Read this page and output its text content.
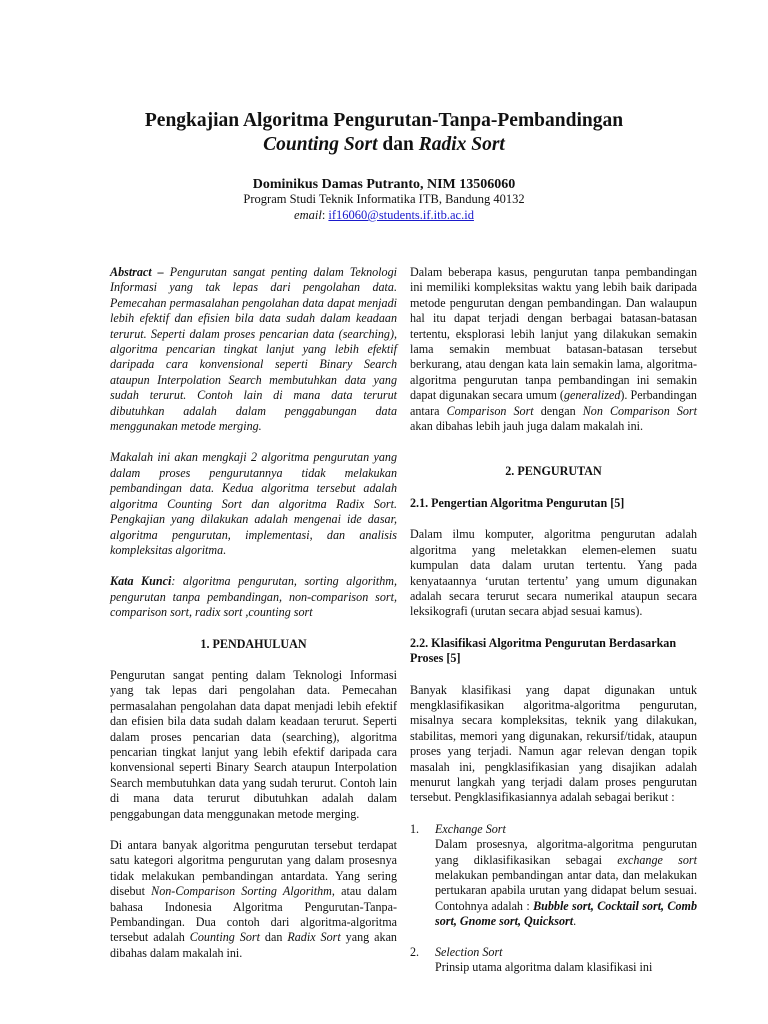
Pengkajian Algoritma Pengurutan-Tanpa-Pembandingan
Counting Sort dan Radix Sort
Dominikus Damas Putranto, NIM 13506060
Program Studi Teknik Informatika ITB, Bandung 40132
email: if16060@students.if.itb.ac.id

Abstract – Pengurutan sangat penting dalam Teknologi Informasi yang tak lepas dari pengolahan data. Pemecahan permasalahan pengolahan data dapat menjadi lebih efektif dan efisien bila data sudah dalam keadaan terurut. Seperti dalam proses pencarian data (searching), algoritma pencarian tingkat lanjut yang lebih efektif daripada cara konvensional seperti Binary Search ataupun Interpolation Search membutuhkan data yang sudah terurut. Contoh lain di mana data terurut dibutuhkan adalah dalam penggabungan data menggunakan metode merging.

Makalah ini akan mengkaji 2 algoritma pengurutan yang dalam proses pengurutannya tidak melakukan pembandingan data. Kedua algoritma tersebut adalah algoritma Counting Sort dan algoritma Radix Sort. Pengkajian yang dilakukan adalah mengenai ide dasar, algoritma pengurutan, implementasi, dan analisis kompleksitas algoritma.

Kata Kunci: algoritma pengurutan, sorting algorithm, pengurutan tanpa pembandingan, non-comparison sort, comparison sort, radix sort ,counting sort

1. PENDAHULUAN

Pengurutan sangat penting dalam Teknologi Informasi yang tak lepas dari pengolahan data. Pemecahan permasalahan pengolahan data dapat menjadi lebih efektif dan efisien bila data sudah dalam keadaan terurut. Seperti dalam proses pencarian data (searching), algoritma pencarian tingkat lanjut yang lebih efektif daripada cara konvensional seperti Binary Search ataupun Interpolation Search membutuhkan data yang sudah terurut. Contoh lain di mana data terurut dibutuhkan adalah dalam penggabungan data menggunakan metode merging.

Di antara banyak algoritma pengurutan tersebut terdapat satu kategori algoritma pengurutan yang dalam prosesnya tidak melakukan pembandingan antardata. Yang sering disebut Non-Comparison Sorting Algorithm, atau dalam bahasa Indonesia Algoritma Pengurutan-Tanpa-Pembandingan. Dua contoh dari algoritma-algoritma tersebut adalah Counting Sort dan Radix Sort yang akan dibahas dalam makalah ini.

Dalam beberapa kasus, pengurutan tanpa pembandingan ini memiliki kompleksitas waktu yang lebih baik daripada metode pengurutan dengan pembandingan. Dan walaupun hal itu dapat terjadi dengan berbagai batasan-batasan tertentu, eksplorasi lebih lanjut yang dilakukan semakin lama semakin membuat batasan-batasan tersebut berkurang, atau dengan kata lain semakin lama, algoritma-algoritma pengurutan tanpa pembandingan ini semakin dapat digunakan secara umum (generalized). Perbandingan antara Comparison Sort dengan Non Comparison Sort akan dibahas lebih jauh juga dalam makalah ini.

2. PENGURUTAN
2.1. Pengertian Algoritma Pengurutan [5]

Dalam ilmu komputer, algoritma pengurutan adalah algoritma yang meletakkan elemen-elemen suatu kumpulan data dalam urutan tertentu. Yang pada kenyataannya ‘urutan tertentu’ yang umum digunakan adalah secara terurut secara numerikal ataupun secara leksikografi (urutan secara abjad sesuai kamus).

2.2. Klasifikasi Algoritma Pengurutan Berdasarkan Proses [5]

Banyak klasifikasi yang dapat digunakan untuk mengklasifikasikan algoritma-algoritma pengurutan, misalnya secara kompleksitas, teknik yang dilakukan, stabilitas, memori yang digunakan, rekursif/tidak, ataupun proses yang terjadi. Namun agar relevan dengan topik masalah ini, pengklasifikasian yang disajikan adalah menurut langkah yang terjadi dalam proses pengurutan tersebut. Pengklasifikasiannya adalah sebagai berikut :

1. Exchange Sort
Dalam prosesnya, algoritma-algoritma pengurutan yang diklasifikasikan sebagai exchange sort melakukan pembandingan antar data, dan melakukan pertukaran apabila urutan yang didapat belum sesuai. Contohnya adalah : Bubble sort, Cocktail sort, Comb sort, Gnome sort, Quicksort.
2. Selection Sort
Prinsip utama algoritma dalam klasifikasi ini
